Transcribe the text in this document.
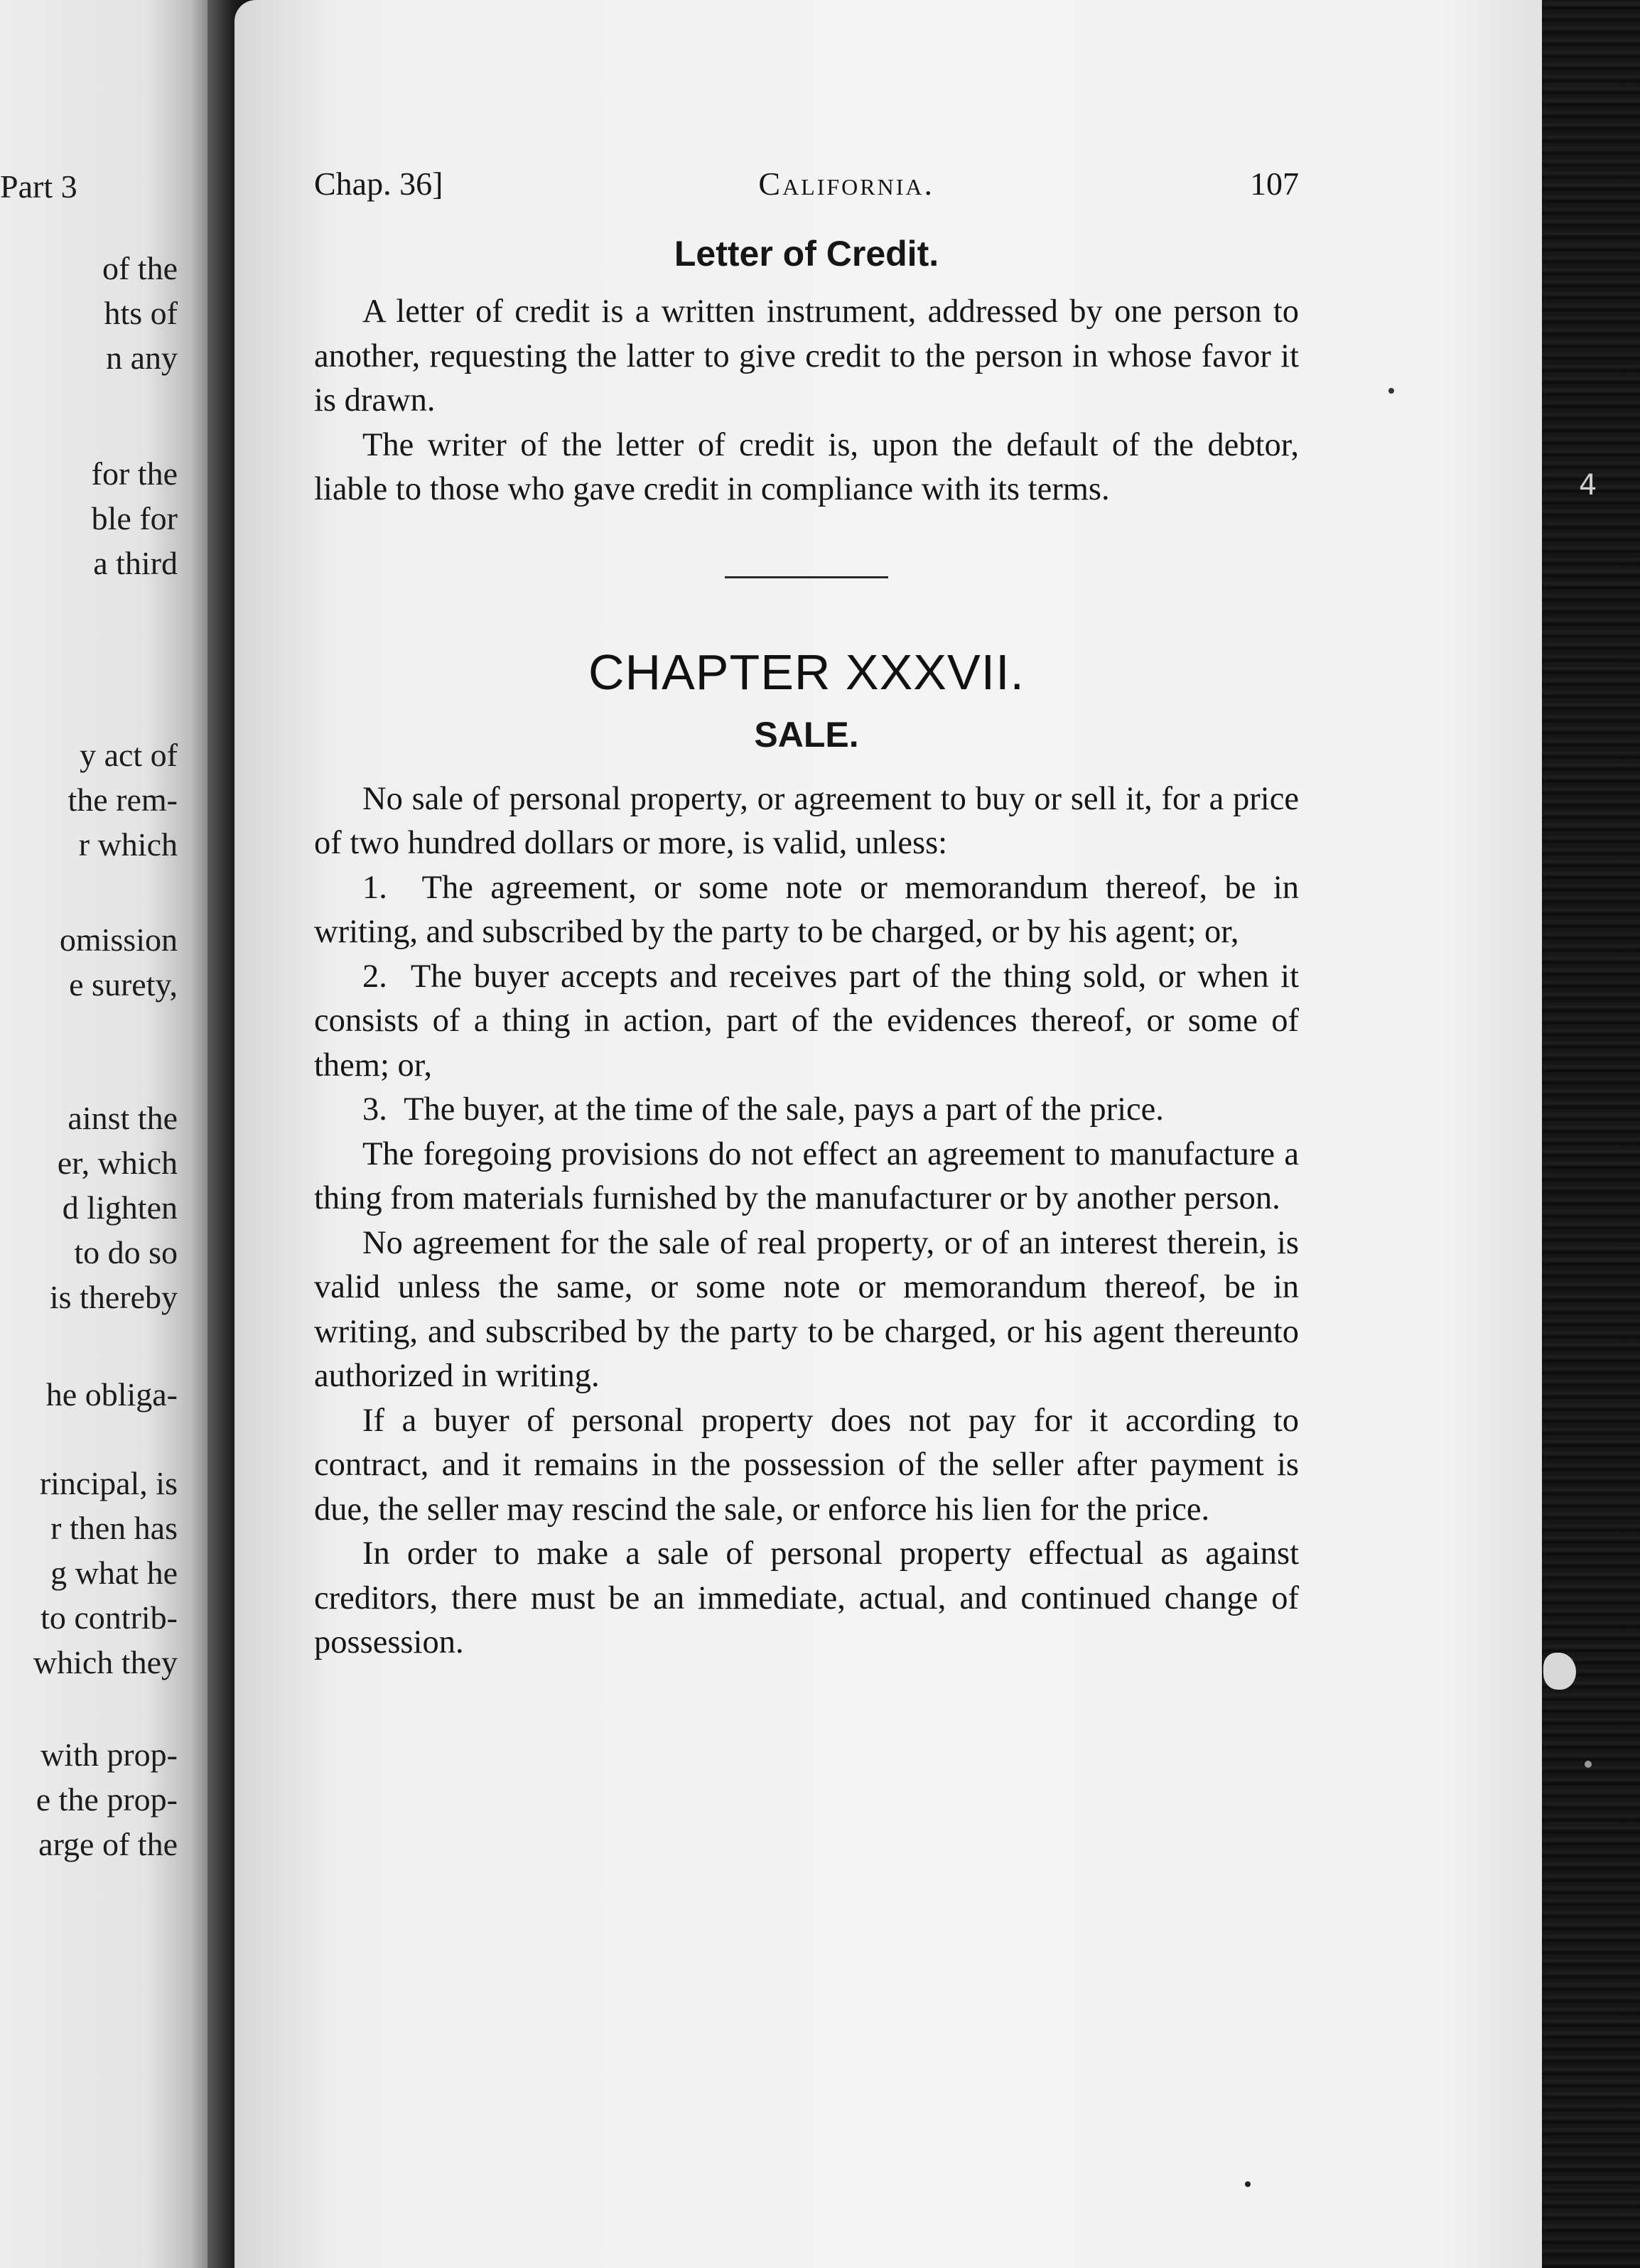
Part 3
of the
hts of
n any
for the
ble for
a third
y act of
the rem-
r which
omission
e surety,
ainst the
er, which
d lighten
to do so
is thereby
he obliga-
rincipal, is
r then has
g what he
to contrib-
which they
with prop-
e the prop-
arge of the
4
Chap. 36]	California.	107
Letter of Credit.

A letter of credit is a written instrument, addressed by one person to another, requesting the latter to give credit to the person in whose favor it is drawn.

The writer of the letter of credit is, upon the default of the debtor, liable to those who gave credit in compliance with its terms.

CHAPTER XXXVII.
SALE.

No sale of personal property, or agreement to buy or sell it, for a price of two hundred dollars or more, is valid, unless:

1. The agreement, or some note or memorandum thereof, be in writing, and subscribed by the party to be charged, or by his agent; or,

2. The buyer accepts and receives part of the thing sold, or when it consists of a thing in action, part of the evidences thereof, or some of them; or,

3. The buyer, at the time of the sale, pays a part of the price.

The foregoing provisions do not effect an agreement to manufacture a thing from materials furnished by the manufacturer or by another person.

No agreement for the sale of real property, or of an interest therein, is valid unless the same, or some note or memorandum thereof, be in writing, and subscribed by the party to be charged, or his agent thereunto authorized in writing.

If a buyer of personal property does not pay for it according to contract, and it remains in the possession of the seller after payment is due, the seller may rescind the sale, or enforce his lien for the price.

In order to make a sale of personal property effectual as against creditors, there must be an immediate, actual, and continued change of possession.
